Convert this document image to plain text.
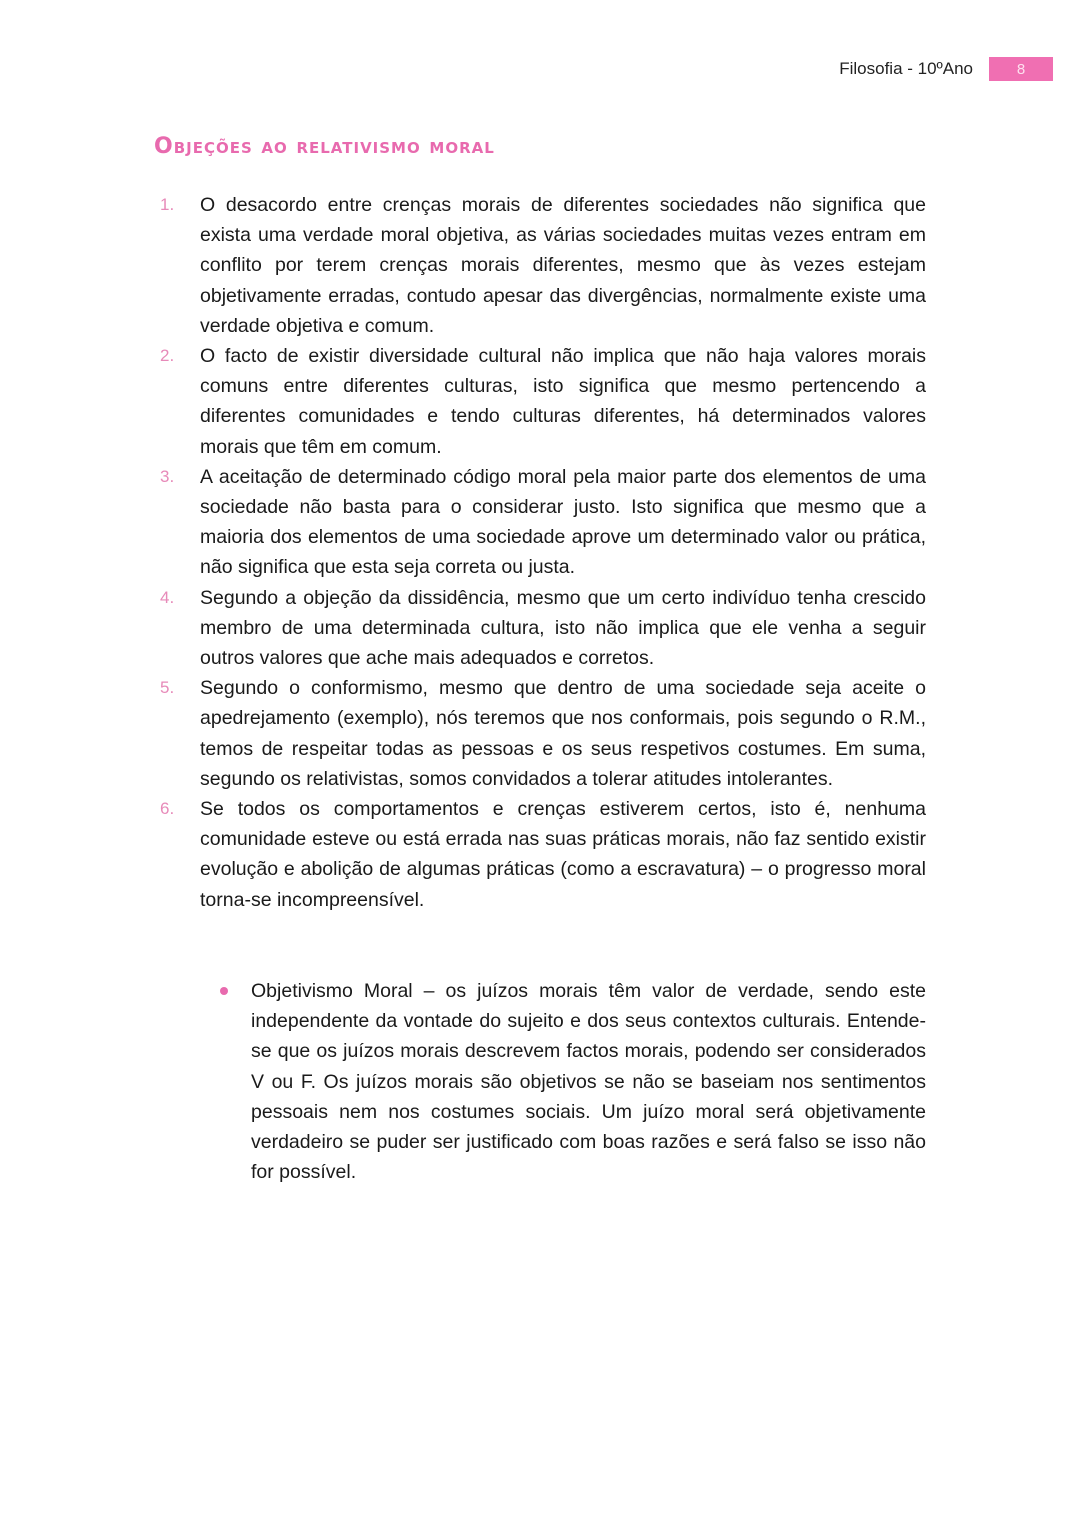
Filosofia - 10ºAno	8
Objeções ao relativismo moral
1.	O desacordo entre crenças morais de diferentes sociedades não significa que exista uma verdade moral objetiva, as várias sociedades muitas vezes entram em conflito por terem crenças morais diferentes, mesmo que às vezes estejam objetivamente erradas, contudo apesar das divergências, normalmente existe uma verdade objetiva e comum.
2.	O facto de existir diversidade cultural não implica que não haja valores morais comuns entre diferentes culturas, isto significa que mesmo pertencendo a diferentes comunidades e tendo culturas diferentes, há determinados valores morais que têm em comum.
3.	A aceitação de determinado código moral pela maior parte dos elementos de uma sociedade não basta para o considerar justo. Isto significa que mesmo que a maioria dos elementos de uma sociedade aprove um determinado valor ou prática, não significa que esta seja correta ou justa.
4.	Segundo a objeção da dissidência, mesmo que um certo indivíduo tenha crescido membro de uma determinada cultura, isto não implica que ele venha a seguir outros valores que ache mais adequados e corretos.
5.	Segundo o conformismo, mesmo que dentro de uma sociedade seja aceite o apedrejamento (exemplo), nós teremos que nos conformais, pois segundo o R.M., temos de respeitar todas as pessoas e os seus respetivos costumes. Em suma, segundo os relativistas, somos convidados a tolerar atitudes intolerantes.
6.	Se todos os comportamentos e crenças estiverem certos, isto é, nenhuma comunidade esteve ou está errada nas suas práticas morais, não faz sentido existir evolução e abolição de algumas práticas (como a escravatura) – o progresso moral torna-se incompreensível.
Objetivismo Moral – os juízos morais têm valor de verdade, sendo este independente da vontade do sujeito e dos seus contextos culturais. Entende-se que os juízos morais descrevem factos morais, podendo ser considerados V ou F. Os juízos morais são objetivos se não se baseiam nos sentimentos pessoais nem nos costumes sociais. Um juízo moral será objetivamente verdadeiro se puder ser justificado com boas razões e será falso se isso não for possível.
